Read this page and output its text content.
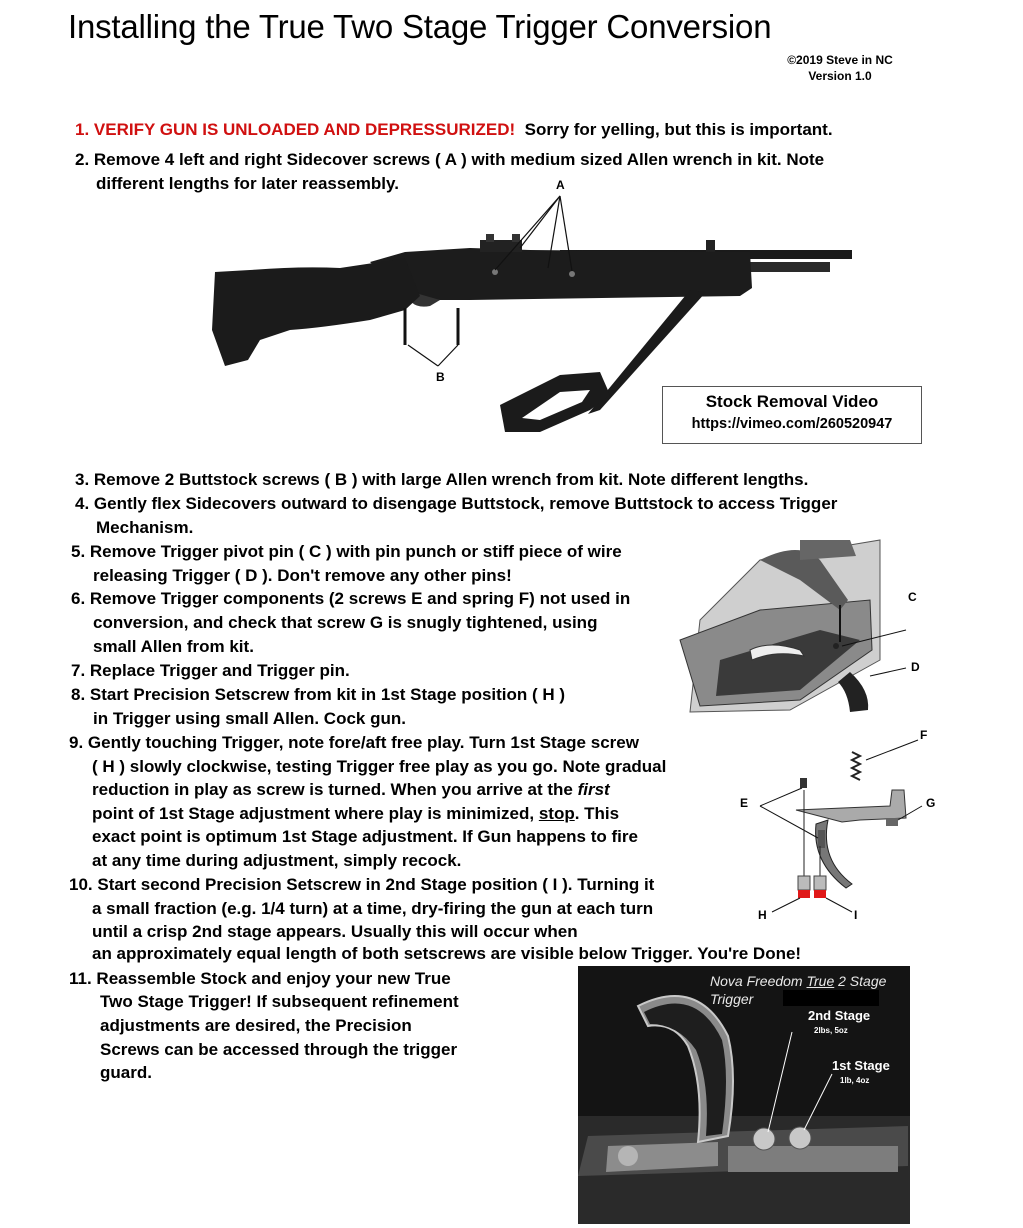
Installing the True Two Stage Trigger Conversion
©2019 Steve in NC
Version 1.0
1. VERIFY GUN IS UNLOADED AND DEPRESSURIZED! Sorry for yelling, but this is important.
2. Remove 4 left and right Sidecover screws ( A ) with medium sized Allen wrench in kit. Note
different lengths for later reassembly.	A
B
Stock Removal Video
https://vimeo.com/260520947
3. Remove 2 Buttstock screws ( B ) with large Allen wrench from kit. Note different lengths.
4. Gently flex Sidecovers outward to disengage Buttstock, remove Buttstock to access Trigger
Mechanism.
C
D
5. Remove Trigger pivot pin ( C ) with pin punch or stiff piece of wire
releasing Trigger ( D ). Don't remove any other pins!
6. Remove Trigger components (2 screws E and spring F) not used in
conversion, and check that screw G is snugly tightened, using
small Allen from kit.
7. Replace Trigger and Trigger pin.
8. Start Precision Setscrew from kit in 1st Stage position ( H )
in Trigger using small Allen. Cock gun.
F
E	G
H	I
9. Gently touching Trigger, note fore/aft free play. Turn 1st Stage screw
( H ) slowly clockwise, testing Trigger free play as you go. Note gradual
reduction in play as screw is turned. When you arrive at the first
point of 1st Stage adjustment where play is minimized, stop. This
exact point is optimum 1st Stage adjustment. If Gun happens to fire
at any time during adjustment, simply recock.
10. Start second Precision Setscrew in 2nd Stage position ( I ). Turning it
a small fraction (e.g. 1/4 turn) at a time, dry-firing the gun at each turn
until a crisp 2nd stage appears. Usually this will occur when
an approximately equal length of both setscrews are visible below Trigger. You're Done!
11. Reassemble Stock and enjoy your new True
Two Stage Trigger! If subsequent refinement
adjustments are desired, the Precision
Screws can be accessed through the trigger
guard.
Nova Freedom True 2 Stage
Trigger
2nd Stage
2lbs, 5oz
1st Stage
1lb, 4oz
